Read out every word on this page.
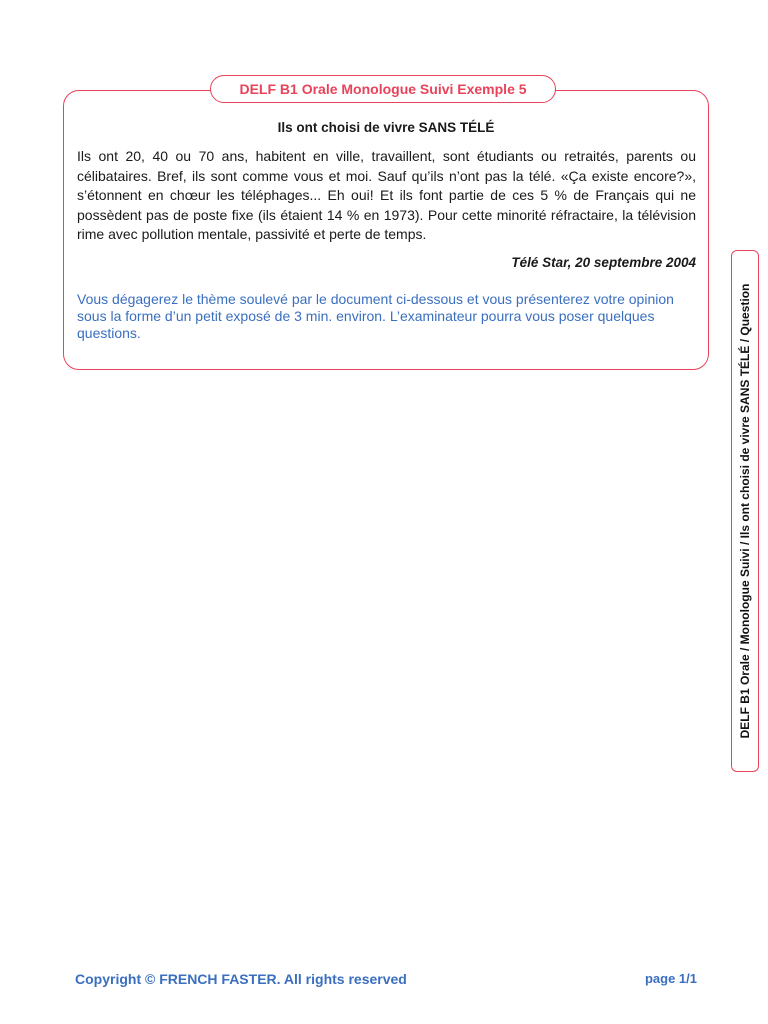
DELF B1 Orale Monologue Suivi Exemple 5
Ils ont choisi de vivre SANS TÉLÉ

Ils ont 20, 40 ou 70 ans, habitent en ville, travaillent, sont étudiants ou retraités, parents ou célibataires. Bref, ils sont comme vous et moi. Sauf qu’ils n’ont pas la télé. «Ça existe encore?», s’étonnent en chœur les téléphages... Eh oui! Et ils font partie de ces 5 % de Français qui ne possèdent pas de poste fixe (ils étaient 14 % en 1973). Pour cette minorité réfractaire, la télévision rime avec pollution mentale, passivité et perte de temps.

Télé Star, 20 septembre 2004

Vous dégagerez le thème soulevé par le document ci-dessous et vous présenterez votre opinion sous la forme d’un petit exposé de 3 min. environ. L’examinateur pourra vous poser quelques questions.	DELF B1 Orale / Monologue Suivi / Ils ont choisi de vivre SANS TÉLÉ / Question
Copyright © FRENCH FASTER. All rights reserved	page 1/1
